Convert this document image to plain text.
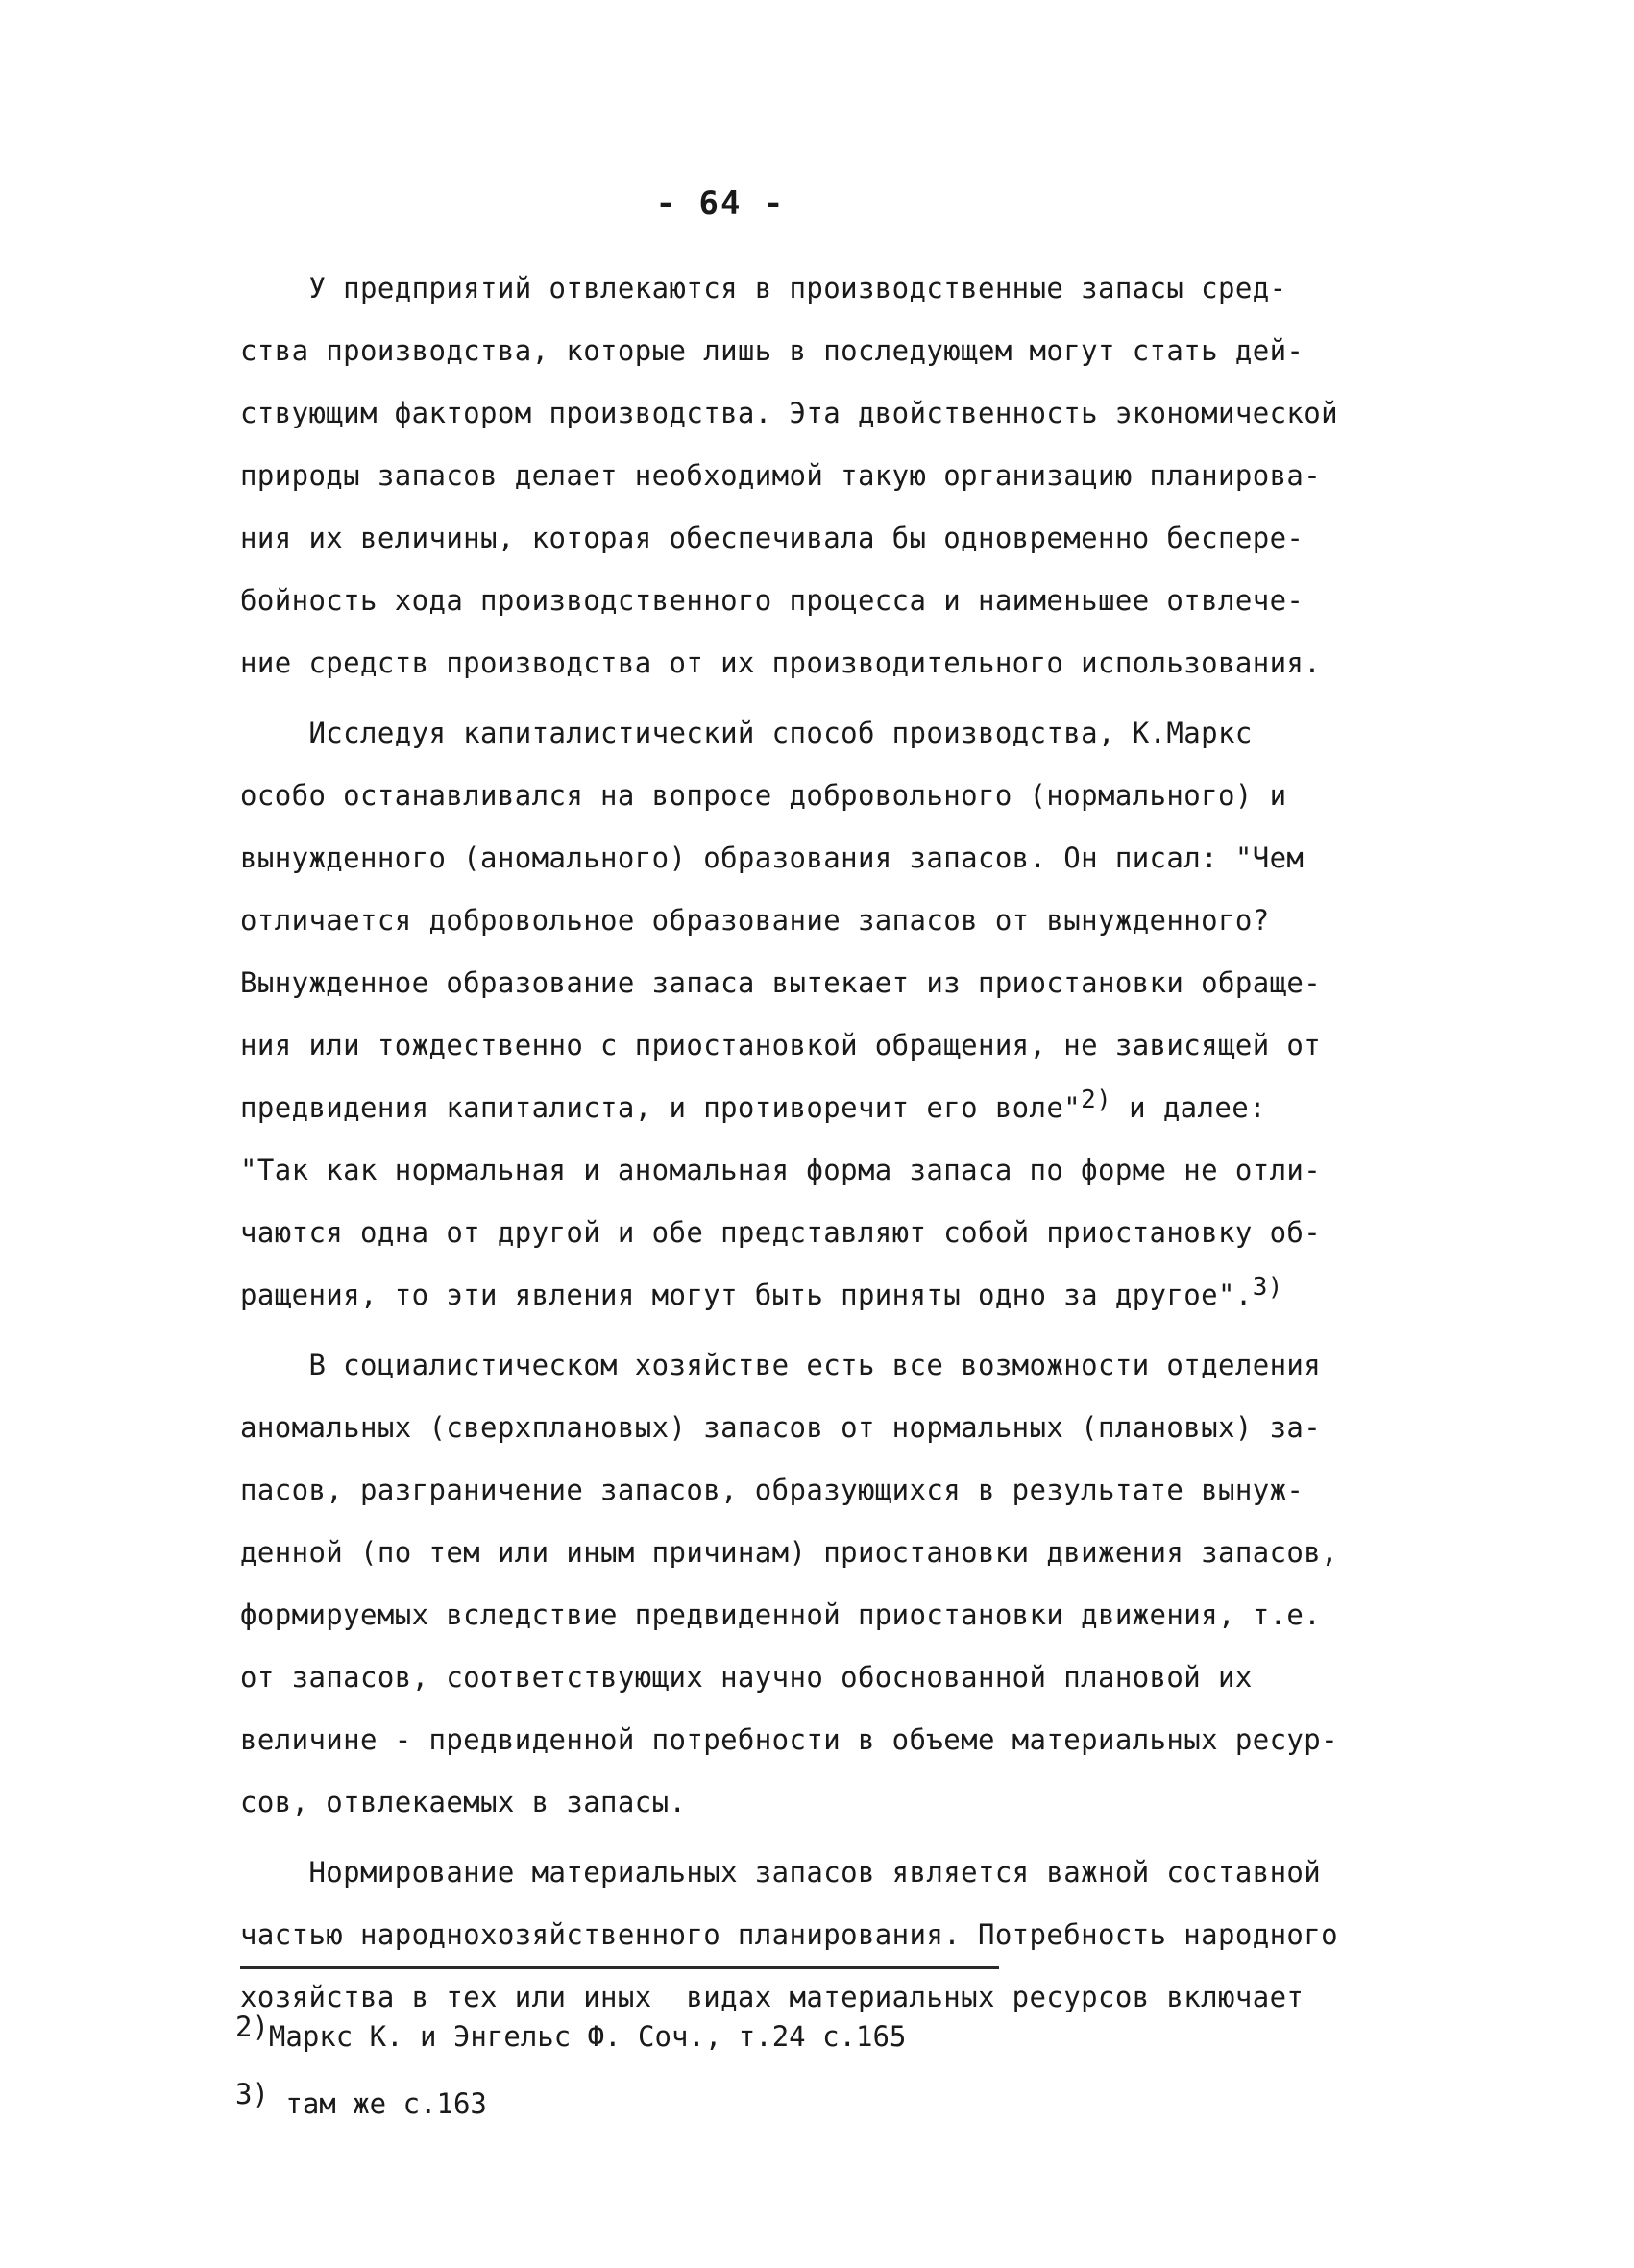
- 64 -
У предприятий отвлекаются в производственные запасы сред-
ства производства, которые лишь в последующем могут стать дей-
ствующим фактором производства. Эта двойственность экономической
природы запасов делает необходимой такую организацию планирова-
ния их величины, которая обеспечивала бы одновременно беспере-
бойность хода производственного процесса и наименьшее отвлече-
ние средств производства от их производительного использования.
Исследуя капиталистический способ производства, К.Маркс
особо останавливался на вопросе добровольного (нормального) и
вынужденного (аномального) образования запасов. Он писал: "Чем
отличается добровольное образование запасов от вынужденного?
Вынужденное образование запаса вытекает из приостановки обраще-
ния или тождественно с приостановкой обращения, не зависящей от
предвидения капиталиста, и противоречит его воле"$^{2)}$ и далее:
"Так как нормальная и аномальная форма запаса по форме не отли-
чаются одна от другой и обе представляют собой приостановку об-
ращения, то эти явления могут быть приняты одно за другое".$^{3)}$
В социалистическом хозяйстве есть все возможности отделения
аномальных (сверхплановых) запасов от нормальных (плановых) за-
пасов, разграничение запасов, образующихся в результате вынуж-
денной (по тем или иным причинам) приостановки движения запасов,
формируемых вследствие предвиденной приостановки движения, т.е.
от запасов, соответствующих научно обоснованной плановой их
величине - предвиденной потребности в объеме материальных ресур-
сов, отвлекаемых в запасы.
Нормирование материальных запасов является важной составной
частью народнохозяйственного планирования. Потребность народного
хозяйства в тех или иных  видах материальных ресурсов включает
2)Маркс К. и Энгельс Ф. Соч., т.24 с.165
3) там же с.163
